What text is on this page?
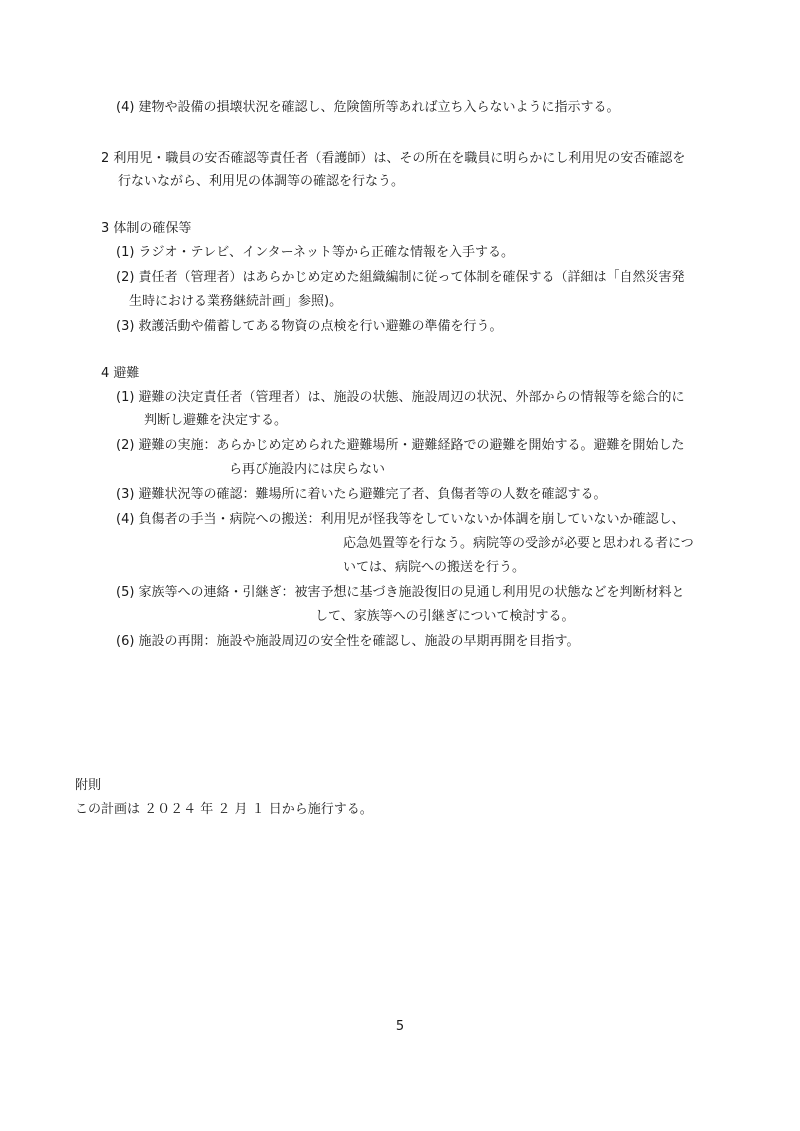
(4) 建物や設備の損壊状況を確認し、危険箇所等あれば立ち入らないように指示する。
2 利用児・職員の安否確認等責任者（看護師）は、その所在を職員に明らかにし利用児の安否確認を
行ないながら、利用児の体調等の確認を行なう。
3 体制の確保等
(1) ラジオ・テレビ、インターネット等から正確な情報を入手する。
(2) 責任者（管理者）はあらかじめ定めた組織編制に従って体制を確保する（詳細は「自然災害発
生時における業務継続計画」参照)。
(3) 救護活動や備蓄してある物資の点検を行い避難の準備を行う。
4 避難
(1) 避難の決定責任者（管理者）は、施設の状態、施設周辺の状況、外部からの情報等を総合的に
判断し避難を決定する。
(2) 避難の実施：あらかじめ定められた避難場所・避難経路での避難を開始する。避難を開始した
ら再び施設内には戻らない
(3) 避難状況等の確認：難場所に着いたら避難完了者、負傷者等の人数を確認する。
(4) 負傷者の手当・病院への搬送：利用児が怪我等をしていないか体調を崩していないか確認し、
応急処置等を行なう。病院等の受診が必要と思われる者につ
いては、病院への搬送を行う。
(5) 家族等への連絡・引継ぎ：被害予想に基づき施設復旧の見通し利用児の状態などを判断材料と
して、家族等への引継ぎについて検討する。
(6) 施設の再開：施設や施設周辺の安全性を確認し、施設の早期再開を目指す。
附則
この計画は ２０２４ 年 ２ 月 １ 日から施行する。
5
